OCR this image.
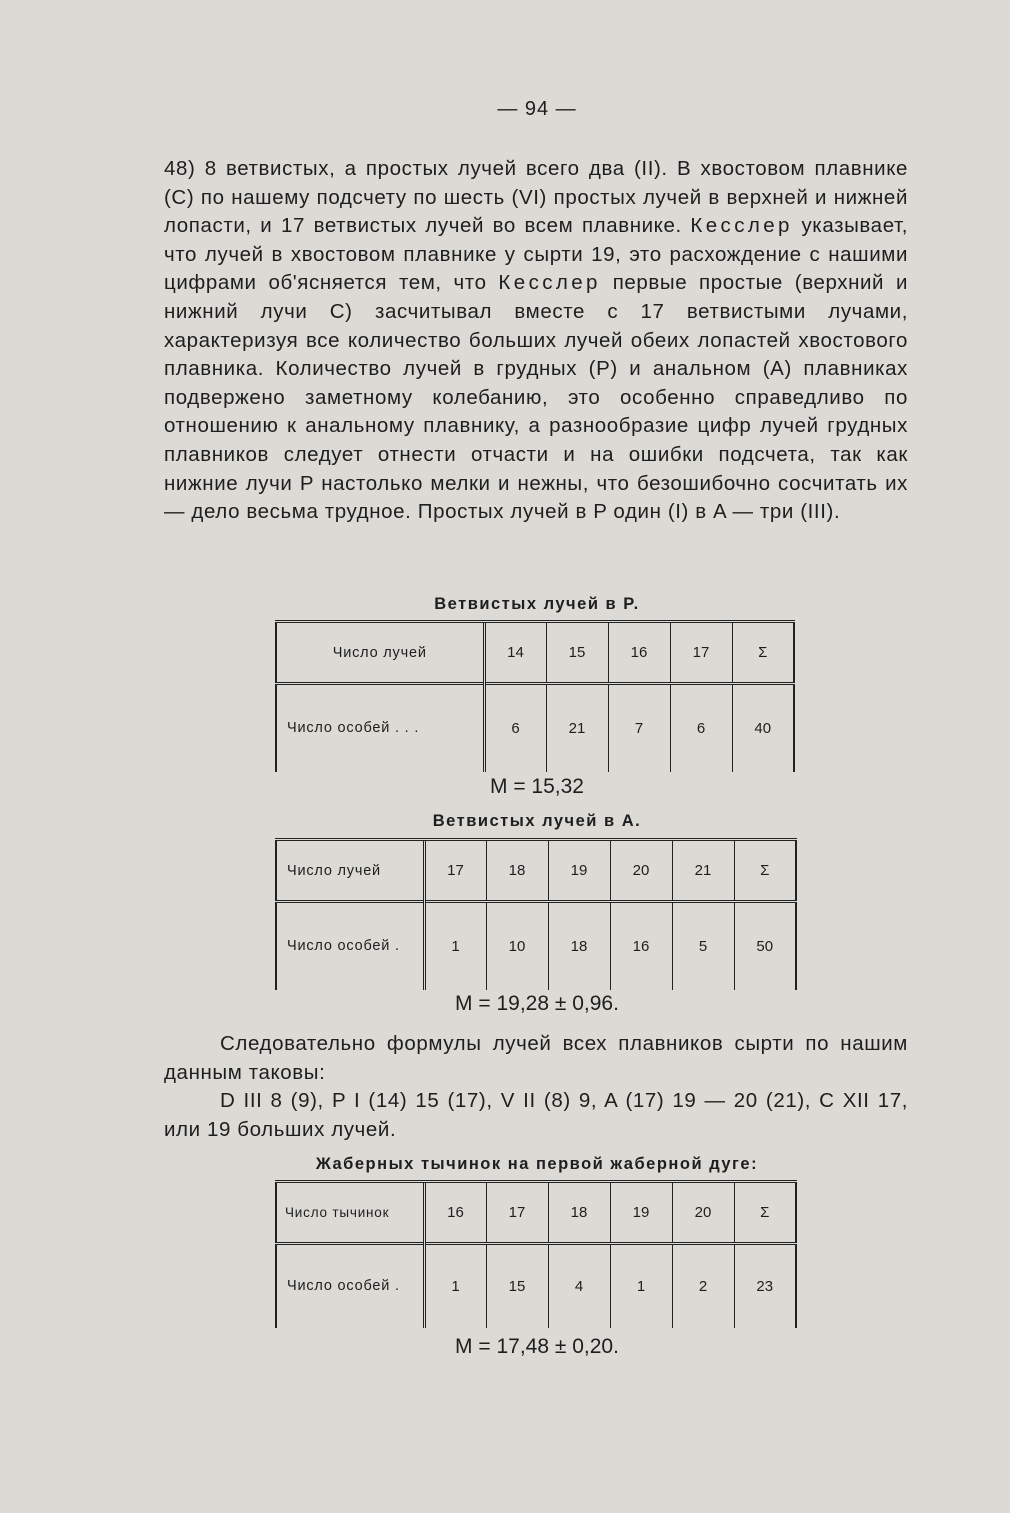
— 94 —

48) 8 ветвистых, а простых лучей всего два (II). В хвостовом плавнике (C) по нашему подсчету по шесть (VI) простых лучей в верхней и нижней лопасти, и 17 ветвистых лучей во всем плавнике. Кесслер указывает, что лучей в хвостовом плавнике у сырти 19, это расхождение с нашими цифрами об'ясняется тем, что Кесслер первые простые (верхний и нижний лучи C) засчитывал вместе с 17 ветвистыми лучами, характеризуя все количество больших лучей обеих лопастей хвостового плавника. Количество лучей в грудных (P) и анальном (A) плавниках подвержено заметному колебанию, это особенно справедливо по отношению к анальному плавнику, а разнообразие цифр лучей грудных плавников следует отнести отчасти и на ошибки подсчета, так как нижние лучи P настолько мелки и нежны, что безошибочно сосчитать их — дело весьма трудное. Простых лучей в P один (I) в A — три (III).

Ветвистых лучей в P.
Число лучей	14	15	16	17	Σ
Число особей . . .	6	21	7	6	40
M = 15,32
Ветвистых лучей в A.
Число лучей	17	18	19	20	21	Σ
Число особей .	1	10	18	16	5	50
M = 19,28 ± 0,96.

Следовательно формулы лучей всех плавников сырти по нашим данным таковы:

D III 8 (9), P I (14) 15 (17), V II (8) 9, A (17) 19 — 20 (21), C XII 17, или 19 больших лучей.

Жаберных тычинок на первой жаберной дуге:
Число тычинок	16	17	18	19	20	Σ
Число особей .	1	15	4	1	2	23
M = 17,48 ± 0,20.
